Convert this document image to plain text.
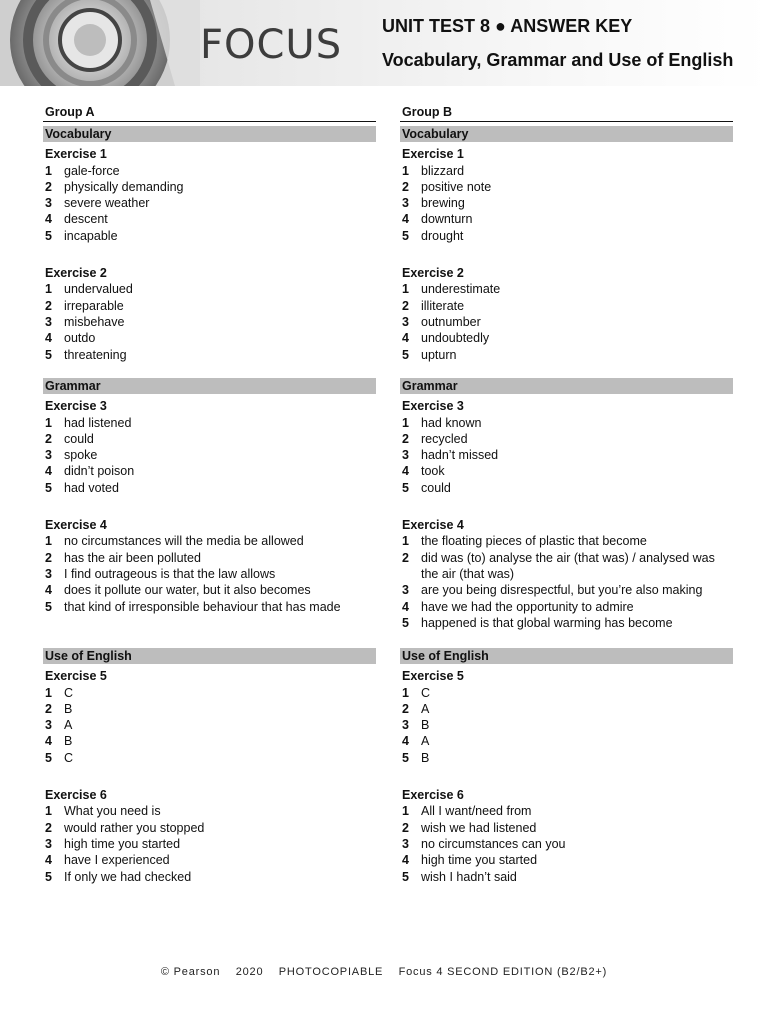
FOCUS UNIT TEST 8 ● ANSWER KEY
Vocabulary, Grammar and Use of English
Group A
Vocabulary
Exercise 1
1 gale-force
2 physically demanding
3 severe weather
4 descent
5 incapable
Exercise 2
1 undervalued
2 irreparable
3 misbehave
4 outdo
5 threatening
Grammar
Exercise 3
1 had listened
2 could
3 spoke
4 didn’t poison
5 had voted
Exercise 4
1 no circumstances will the media be allowed
2 has the air been polluted
3 I find outrageous is that the law allows
4 does it pollute our water, but it also becomes
5 that kind of irresponsible behaviour that has made
Use of English
Exercise 5
1 C
2 B
3 A
4 B
5 C
Exercise 6
1 What you need is
2 would rather you stopped
3 high time you started
4 have I experienced
5 If only we had checked
Group B
Vocabulary
Exercise 1
1 blizzard
2 positive note
3 brewing
4 downturn
5 drought
Exercise 2
1 underestimate
2 illiterate
3 outnumber
4 undoubtedly
5 upturn
Grammar
Exercise 3
1 had known
2 recycled
3 hadn’t missed
4 took
5 could
Exercise 4
1 the floating pieces of plastic that become
2 did was (to) analyse the air (that was) / analysed was the air (that was)
3 are you being disrespectful, but you’re also making
4 have we had the opportunity to admire
5 happened is that global warming has become
Use of English
Exercise 5
1 C
2 A
3 B
4 A
5 B
Exercise 6
1 All I want/need from
2 wish we had listened
3 no circumstances can you
4 high time you started
5 wish I hadn’t said
© Pearson 2020 PHOTOCOPIABLE Focus 4 SECOND EDITION (B2/B2+)
